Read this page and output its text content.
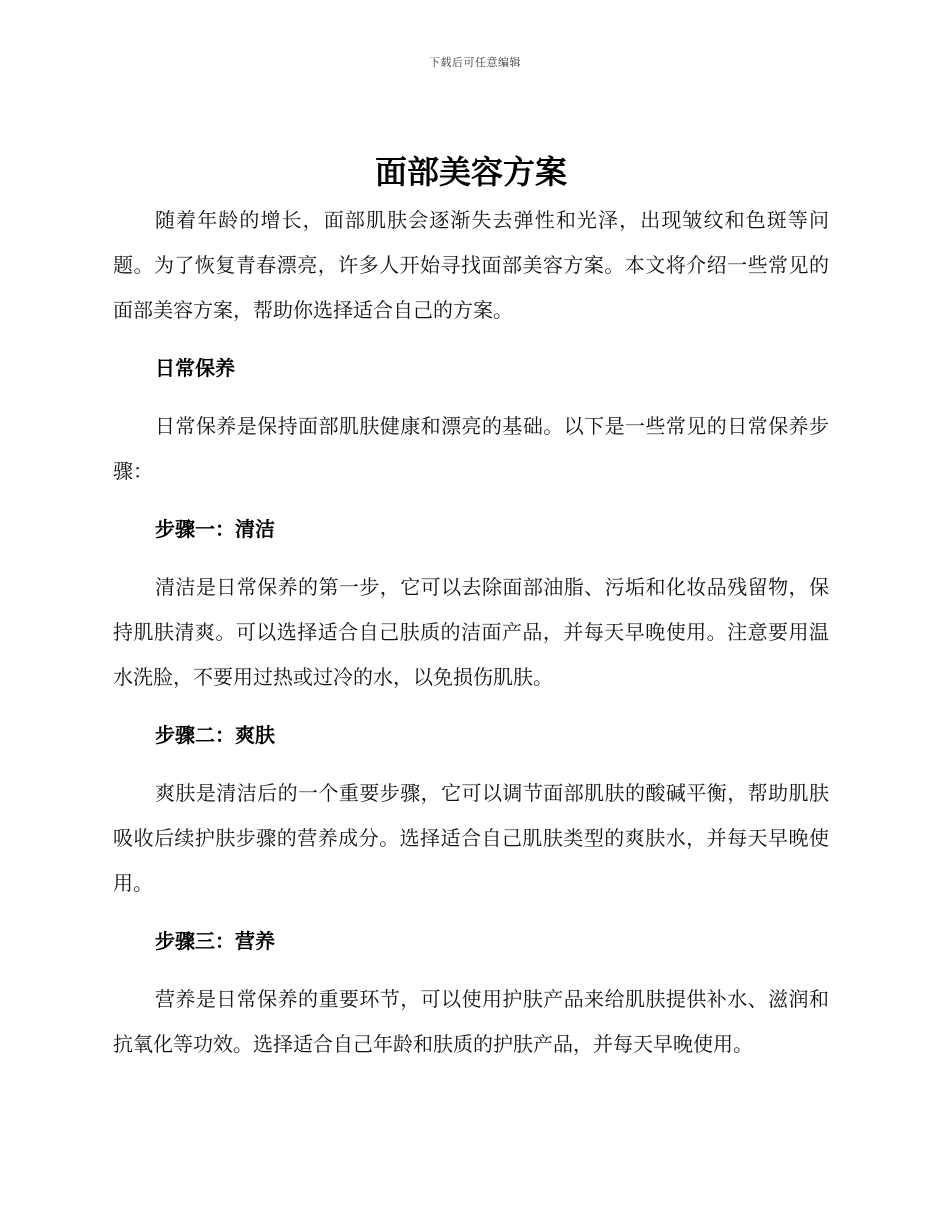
下载后可任意编辑
面部美容方案

随着年龄的增长，面部肌肤会逐渐失去弹性和光泽，出现皱纹和色斑等问题。为了恢复青春漂亮，许多人开始寻找面部美容方案。本文将介绍一些常见的面部美容方案，帮助你选择适合自己的方案。

日常保养

日常保养是保持面部肌肤健康和漂亮的基础。以下是一些常见的日常保养步骤：

步骤一：清洁

清洁是日常保养的第一步，它可以去除面部油脂、污垢和化妆品残留物，保持肌肤清爽。可以选择适合自己肤质的洁面产品，并每天早晚使用。注意要用温水洗脸，不要用过热或过冷的水，以免损伤肌肤。

步骤二：爽肤

爽肤是清洁后的一个重要步骤，它可以调节面部肌肤的酸碱平衡，帮助肌肤吸收后续护肤步骤的营养成分。选择适合自己肌肤类型的爽肤水，并每天早晚使用。

步骤三：营养

营养是日常保养的重要环节，可以使用护肤产品来给肌肤提供补水、滋润和抗氧化等功效。选择适合自己年龄和肤质的护肤产品，并每天早晚使用。
